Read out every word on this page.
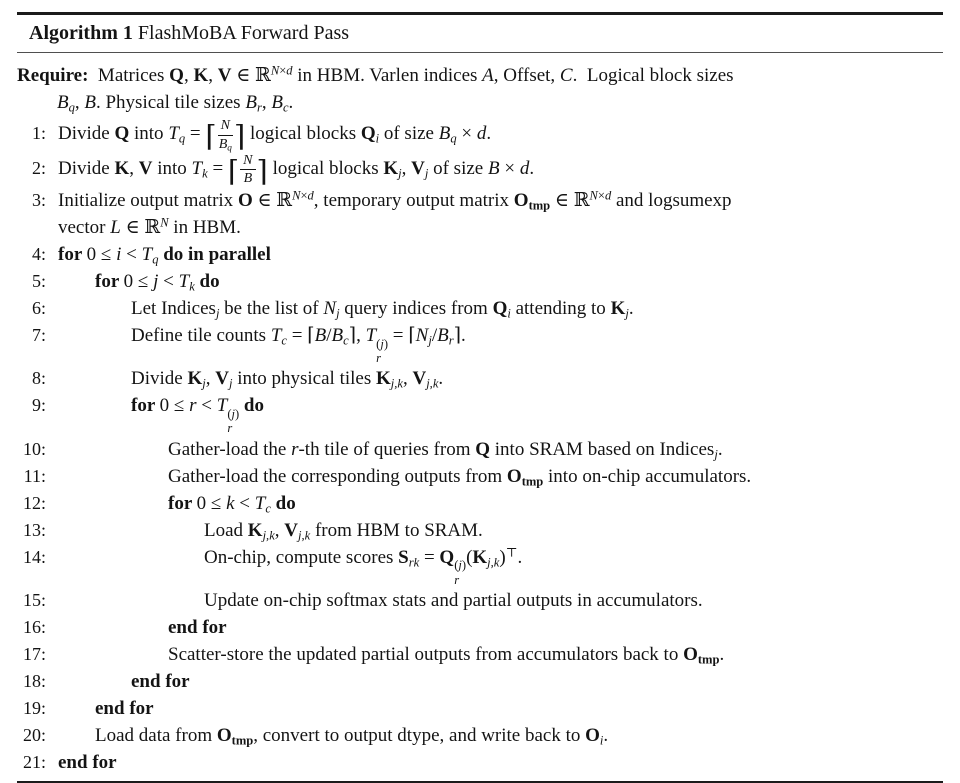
Algorithm 1 FlashMoBA Forward Pass
Require: Matrices Q, K, V ∈ ℝ$^{N\times d}$ in HBM. Varlen indices A, Offset, C. Logical block sizes
$B_q$, B. Physical tile sizes $B_r$, $B_c$.
1: Divide Q into $T_q$ = ⌈ $\frac{N}{B_q}$ ⌉ logical blocks $Q_i$ of size $B_q \times d$.
2: Divide K, V into $T_k$ = ⌈ $\frac{N}{B}$ ⌉ logical blocks $K_j$, $V_j$ of size B × d.
3: Initialize output matrix O ∈ ℝ$^{N\times d}$, temporary output matrix $O_{tmp}$ ∈ ℝ$^{N\times d}$ and logsumexp
vector L ∈ ℝ$^N$ in HBM.
4: for $0 \le i < T_q$ do in parallel
5:	for $0 \le j < T_k$ do
6:	Let Indices$_j$ be the list of $N_j$ query indices from $Q_i$ attending to $K_j$.
7:	Define tile counts $T_c$ = $⌈B/B_c⌉$, T (j)
r
= $⌈N_j/B_r⌉$.
8:	Divide $K_j$, $V_j$ into physical tiles $K_{j,k}$, $V_{j,k}$.
9:	for 0 ≤ r < T (j)
r
do
10:	Gather-load the r-th tile of queries from Q into SRAM based on Indices$_j$.
11:	Gather-load the corresponding outputs from $O_{tmp}$ into on-chip accumulators.
12:	for $0 \le k < T_c$ do
13:	Load $K_{j,k}$, $V_{j,k}$ from HBM to SRAM.
14:	On-chip, compute scores $S_{rk} = Q$ (j)
r
$(K_{j,k})^⊤$.
15:	Update on-chip softmax stats and partial outputs in accumulators.
16:	end for
17:	Scatter-store the updated partial outputs from accumulators back to $O_{tmp}$.
18:	end for
19:	end for
20:	Load data from $O_{tmp}$, convert to output dtype, and write back to $O_i$.
21: end for
